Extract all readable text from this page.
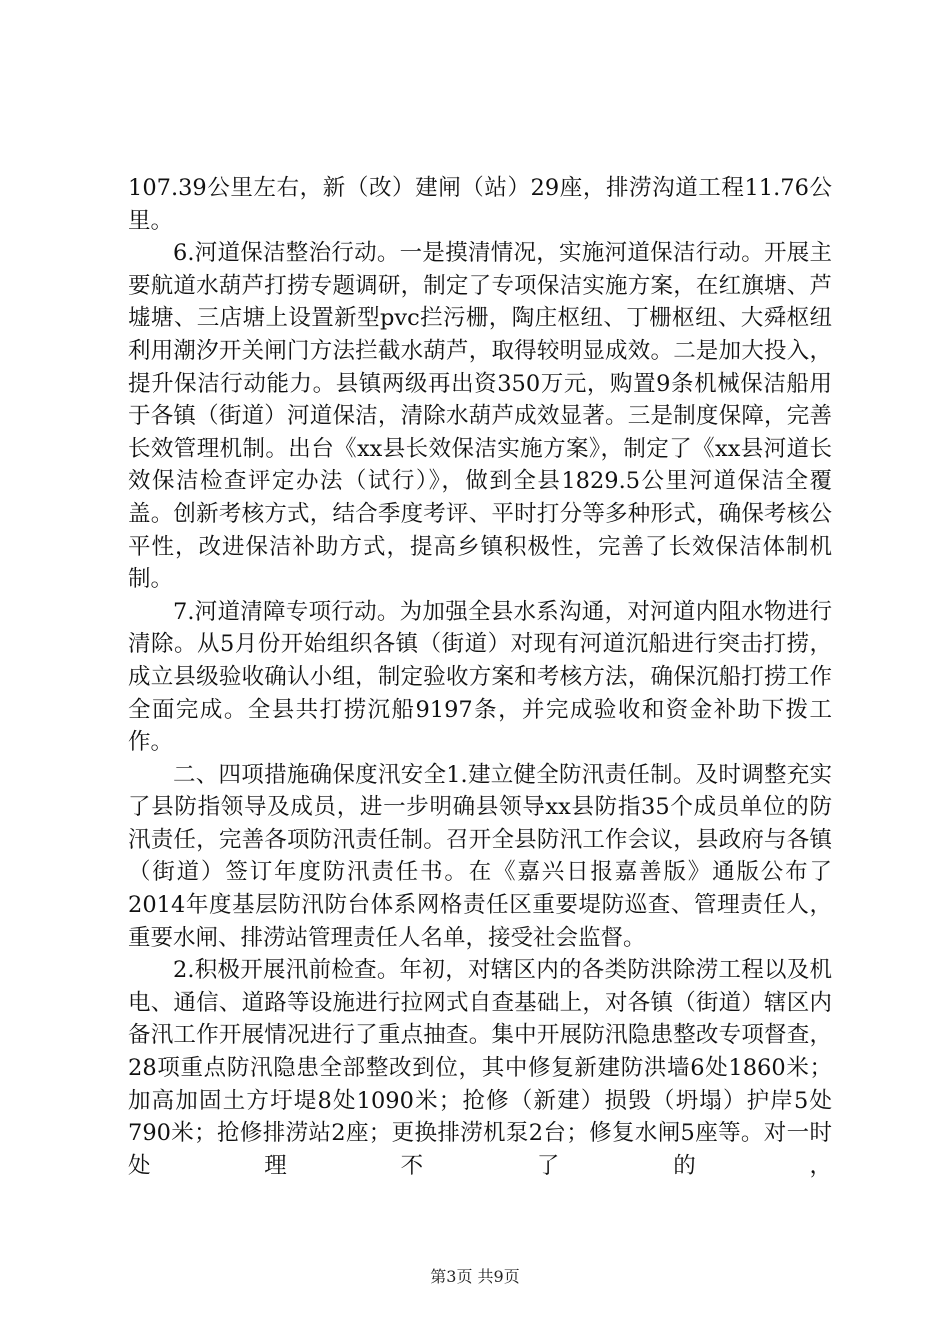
107.39公里左右，新（改）建闸（站）29座，排涝沟道工程11.76公里。

6.河道保洁整治行动。一是摸清情况，实施河道保洁行动。开展主要航道水葫芦打捞专题调研，制定了专项保洁实施方案，在红旗塘、芦墟塘、三店塘上设置新型pvc拦污栅，陶庄枢纽、丁栅枢纽、大舜枢纽利用潮汐开关闸门方法拦截水葫芦，取得较明显成效。二是加大投入，提升保洁行动能力。县镇两级再出资350万元，购置9条机械保洁船用于各镇（街道）河道保洁，清除水葫芦成效显著。三是制度保障，完善长效管理机制。出台《xx县长效保洁实施方案》，制定了《xx县河道长效保洁检查评定办法（试行）》，做到全县1829.5公里河道保洁全覆盖。创新考核方式，结合季度考评、平时打分等多种形式，确保考核公平性，改进保洁补助方式，提高乡镇积极性，完善了长效保洁体制机制。

7.河道清障专项行动。为加强全县水系沟通，对河道内阻水物进行清除。从5月份开始组织各镇（街道）对现有河道沉船进行突击打捞，成立县级验收确认小组，制定验收方案和考核方法，确保沉船打捞工作全面完成。全县共打捞沉船9197条，并完成验收和资金补助下拨工作。

二、四项措施确保度汛安全1.建立健全防汛责任制。及时调整充实了县防指领导及成员，进一步明确县领导xx县防指35个成员单位的防汛责任，完善各项防汛责任制。召开全县防汛工作会议，县政府与各镇（街道）签订年度防汛责任书。在《嘉兴日报嘉善版》通版公布了2014年度基层防汛防台体系网格责任区重要堤防巡查、管理责任人，重要水闸、排涝站管理责任人名单，接受社会监督。

2.积极开展汛前检查。年初，对辖区内的各类防洪除涝工程以及机电、通信、道路等设施进行拉网式自查基础上，对各镇（街道）辖区内备汛工作开展情况进行了重点抽查。集中开展防汛隐患整改专项督查，28项重点防汛隐患全部整改到位，其中修复新建防洪墙6处1860米；加高加固土方圩堤8处1090米；抢修（新建）损毁（坍塌）护岸5处790米；抢修排涝站2座；更换排涝机泵2台；修复水闸5座等。对一时处理不了的，

第3页 共9页
